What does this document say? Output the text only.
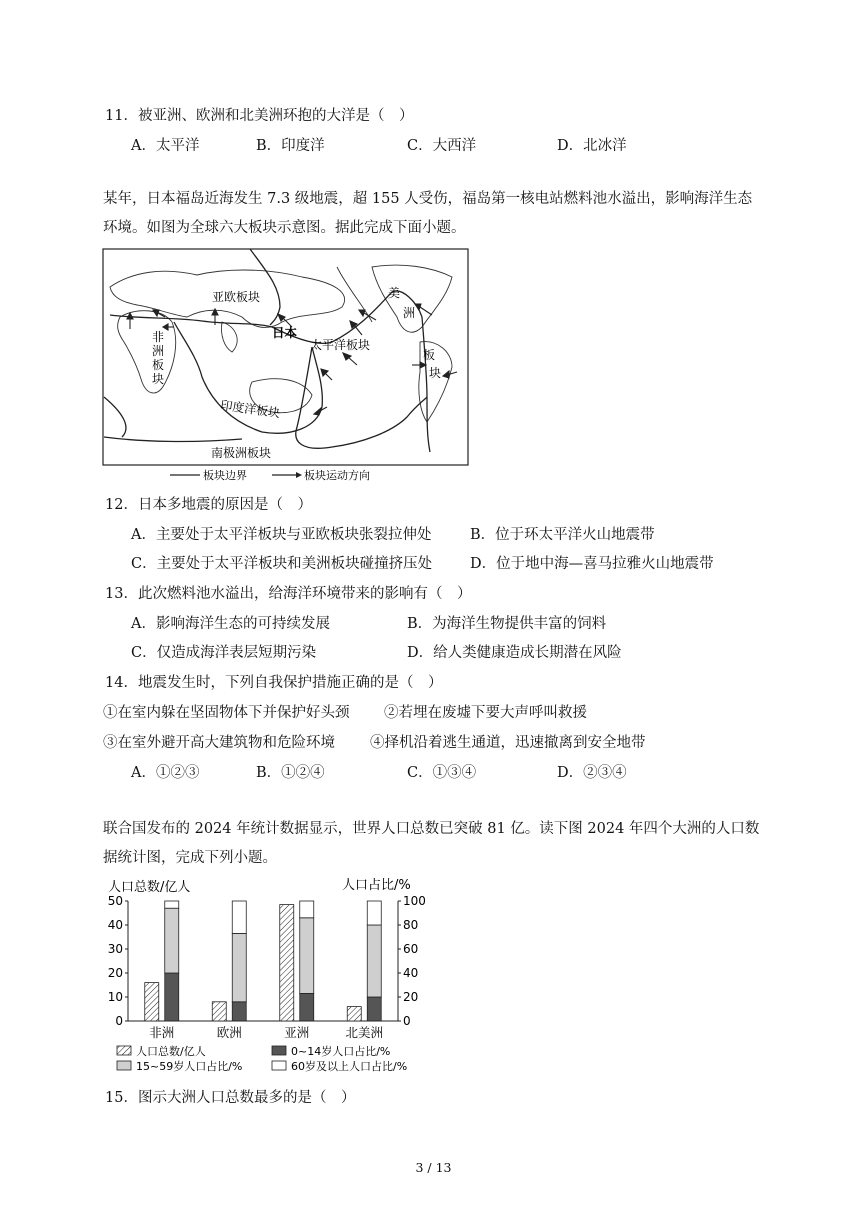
11．被亚洲、欧洲和北美洲环抱的大洋是（　）
A．太平洋	B．印度洋	C．大西洋	D．北冰洋
某年，日本福岛近海发生 7.3 级地震，超 155 人受伤，福岛第一核电站燃料池水溢出，影响海洋生态环境。如图为全球六大板块示意图。据此完成下面小题。
亚欧板块
日本
太平洋板块
印度洋板块
南极洲板块
非
洲
板
块
美
洲
板
块
板块边界	板块运动方向
12．日本多地震的原因是（　）
A．主要处于太平洋板块与亚欧板块张裂拉伸处	B．位于环太平洋火山地震带
C．主要处于太平洋板块和美洲板块碰撞挤压处	D．位于地中海—喜马拉雅火山地震带
13．此次燃料池水溢出，给海洋环境带来的影响有（　）
A．影响海洋生态的可持续发展	B．为海洋生物提供丰富的饲料
C．仅造成海洋表层短期污染	D．给人类健康造成长期潜在风险
14．地震发生时，下列自我保护措施正确的是（　）
①在室内躲在坚固物体下并保护好头颈 ②若埋在废墟下要大声呼叫救援
③在室外避开高大建筑物和危险环境 ④择机沿着逃生通道，迅速撤离到安全地带
A．①②③	B．①②④	C．①③④	D．②③④
联合国发布的 2024 年统计数据显示，世界人口总数已突破 81 亿。读下图 2024 年四个大洲的人口数据统计图，完成下列小题。
人口总数/亿人	人口占比/%
0
10
20
30
40
50
0
20
40
60
80
100
非洲	欧洲	亚洲	北美洲
人口总数/亿人	0~14岁人口占比/%
15~59岁人口占比/%	60岁及以上人口占比/%
15．图示大洲人口总数最多的是（　）
3 / 13
